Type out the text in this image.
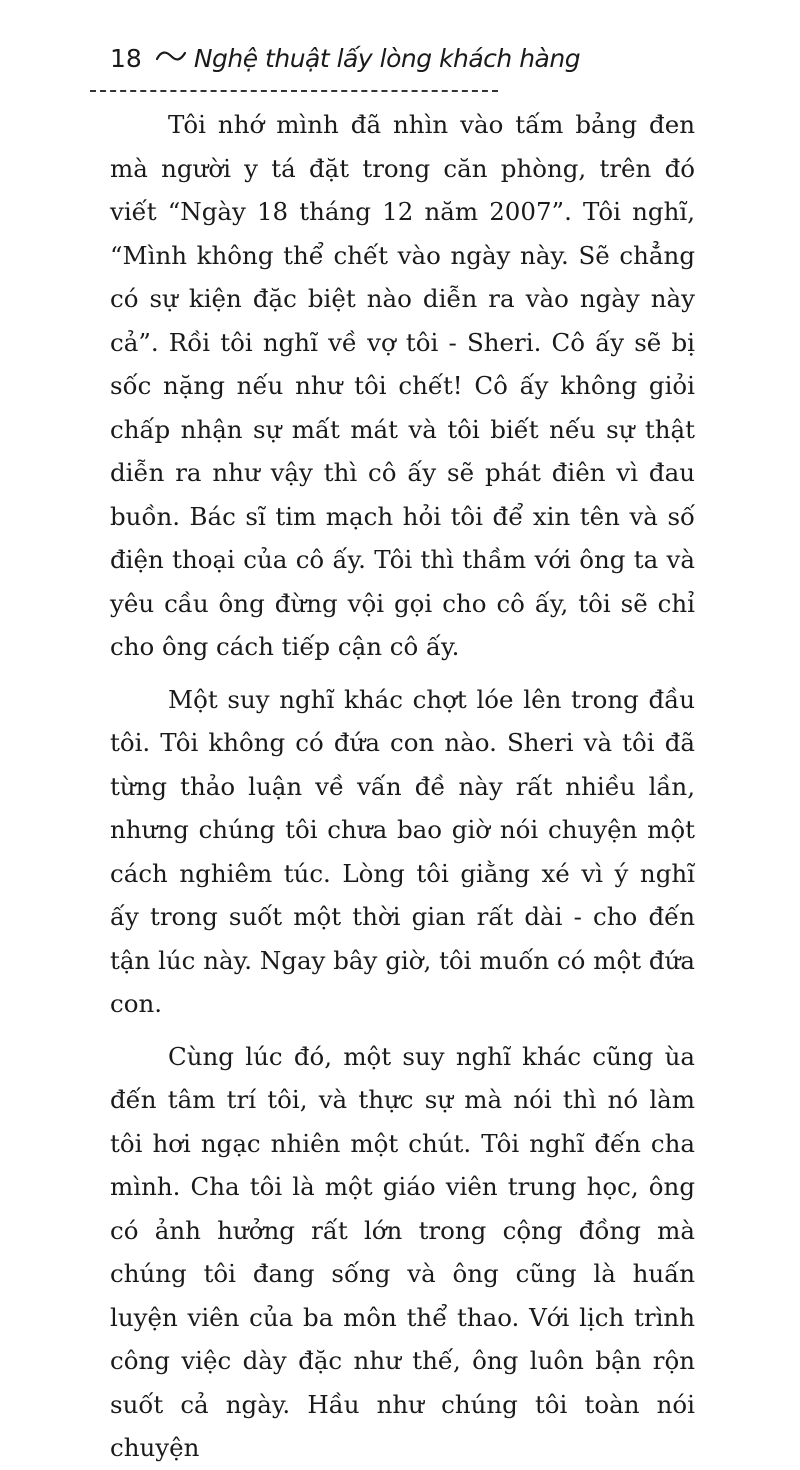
18 Nghệ thuật lấy lòng khách hàng

Tôi nhớ mình đã nhìn vào tấm bảng đen mà người y tá đặt trong căn phòng, trên đó viết “Ngày 18 tháng 12 năm 2007”. Tôi nghĩ, “Mình không thể chết vào ngày này. Sẽ chẳng có sự kiện đặc biệt nào diễn ra vào ngày này cả”. Rồi tôi nghĩ về vợ tôi - Sheri. Cô ấy sẽ bị sốc nặng nếu như tôi chết! Cô ấy không giỏi chấp nhận sự mất mát và tôi biết nếu sự thật diễn ra như vậy thì cô ấy sẽ phát điên vì đau buồn. Bác sĩ tim mạch hỏi tôi để xin tên và số điện thoại của cô ấy. Tôi thì thầm với ông ta và yêu cầu ông đừng vội gọi cho cô ấy, tôi sẽ chỉ cho ông cách tiếp cận cô ấy.

Một suy nghĩ khác chợt lóe lên trong đầu tôi. Tôi không có đứa con nào. Sheri và tôi đã từng thảo luận về vấn đề này rất nhiều lần, nhưng chúng tôi chưa bao giờ nói chuyện một cách nghiêm túc. Lòng tôi giằng xé vì ý nghĩ ấy trong suốt một thời gian rất dài - cho đến tận lúc này. Ngay bây giờ, tôi muốn có một đứa con.

Cùng lúc đó, một suy nghĩ khác cũng ùa đến tâm trí tôi, và thực sự mà nói thì nó làm tôi hơi ngạc nhiên một chút. Tôi nghĩ đến cha mình. Cha tôi là một giáo viên trung học, ông có ảnh hưởng rất lớn trong cộng đồng mà chúng tôi đang sống và ông cũng là huấn luyện viên của ba môn thể thao. Với lịch trình công việc dày đặc như thế, ông luôn bận rộn suốt cả ngày. Hầu như chúng tôi toàn nói chuyện
